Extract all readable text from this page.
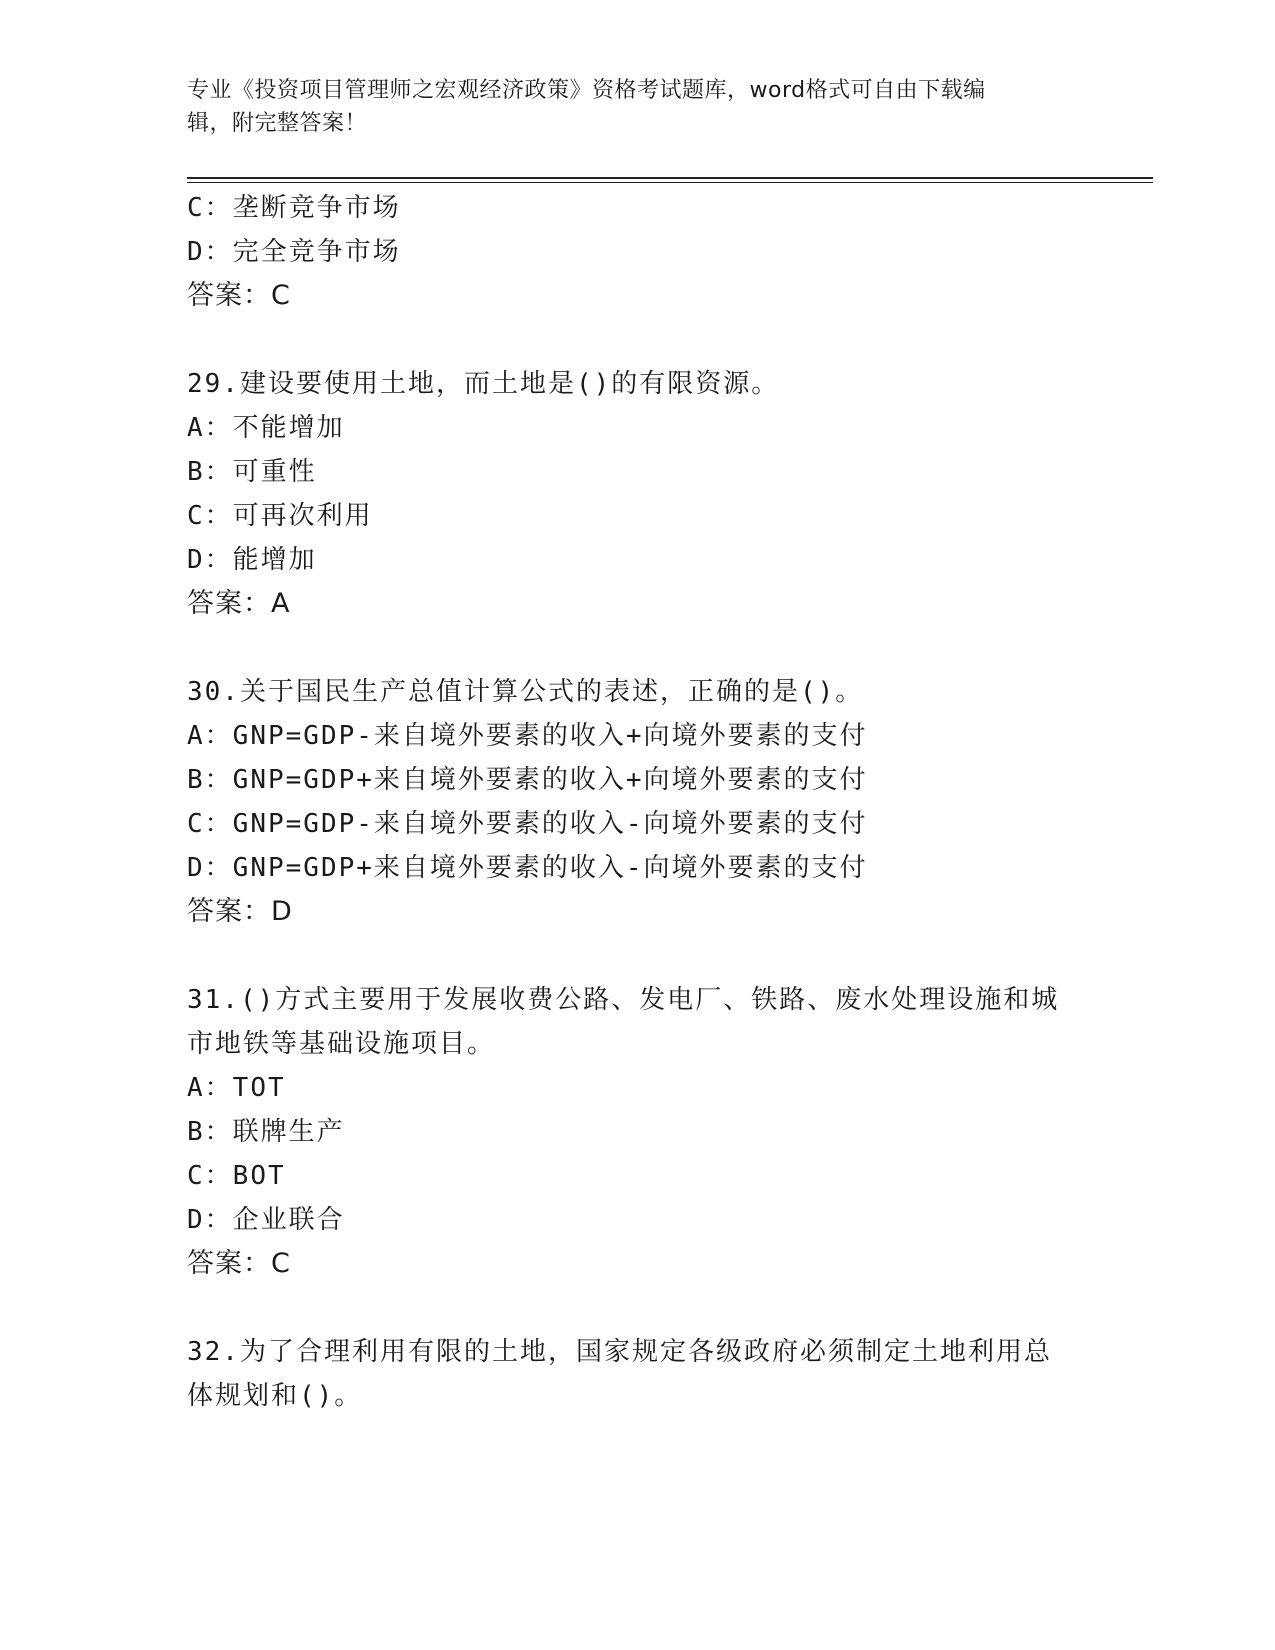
专业《投资项目管理师之宏观经济政策》资格考试题库，word格式可自由下载编
辑，附完整答案！
C：垄断竞争市场
D：完全竞争市场
答案：C
29.建设要使用土地，而土地是()的有限资源。
A：不能增加
B：可重性
C：可再次利用
D：能增加
答案：A
30.关于国民生产总值计算公式的表述，正确的是()。
A：GNP=GDP-来自境外要素的收入+向境外要素的支付
B：GNP=GDP+来自境外要素的收入+向境外要素的支付
C：GNP=GDP-来自境外要素的收入-向境外要素的支付
D：GNP=GDP+来自境外要素的收入-向境外要素的支付
答案：D
31.()方式主要用于发展收费公路、发电厂、铁路、废水处理设施和城
市地铁等基础设施项目。
A：TOT
B：联牌生产
C：BOT
D：企业联合
答案：C
32.为了合理利用有限的土地，国家规定各级政府必须制定土地利用总
体规划和()。
